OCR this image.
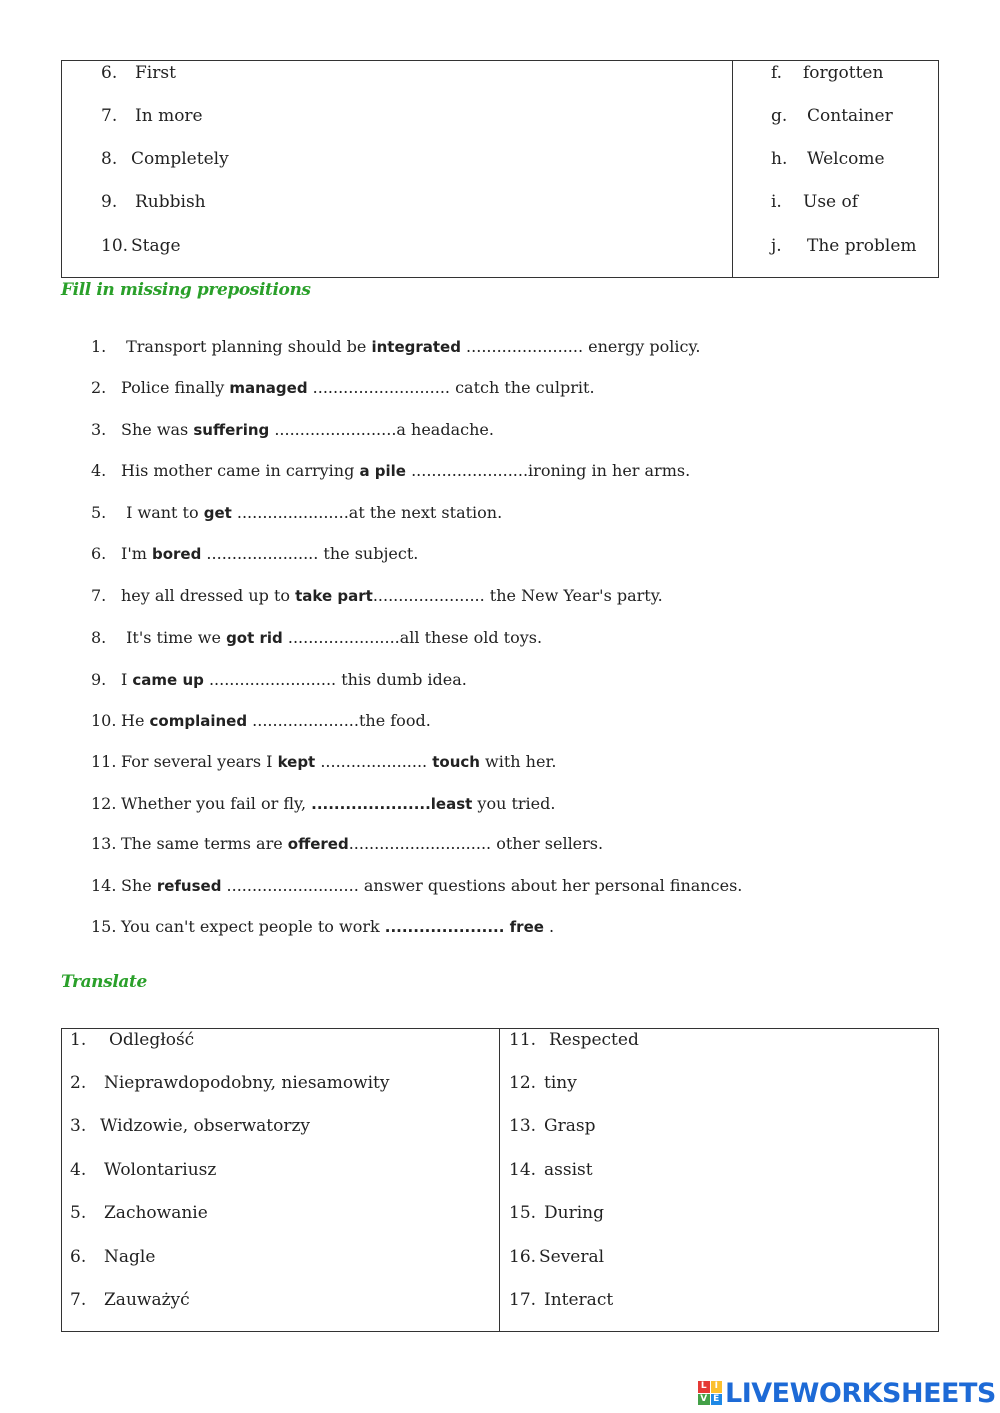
6. First
7. In more
8. Completely
9. Rubbish
10. Stage
f. forgotten
g. Container
h. Welcome
i. Use of
j. The problem
Fill in missing prepositions
1. Transport planning should be integrated ....................... energy policy.
2. Police finally managed ........................... catch the culprit.
3. She was suffering ........................a headache.
4. His mother came in carrying a pile .......................ironing in her arms.
5. I want to get ......................at the next station.
6. I'm bored ...................... the subject.
7. hey all dressed up to take part...................... the New Year's party.
8. It's time we got rid ......................all these old toys.
9. I came up ......................... this dumb idea.
10. He complained .....................the food.
11. For several years I kept ..................... touch with her.
12. Whether you fail or fly, .....................least you tried.
13. The same terms are offered............................ other sellers.
14. She refused .......................... answer questions about her personal finances.
15. You can't expect people to work ..................... free .
Translate
1. Odległość
2. Nieprawdopodobny, niesamowity
3. Widzowie, obserwatorzy
4. Wolontariusz
5. Zachowanie
6. Nagle
7. Zauważyć
11. Respected
12. tiny
13. Grasp
14. assist
15. During
16. Several
17. Interact
L I
V E LIVEWORKSHEETS
